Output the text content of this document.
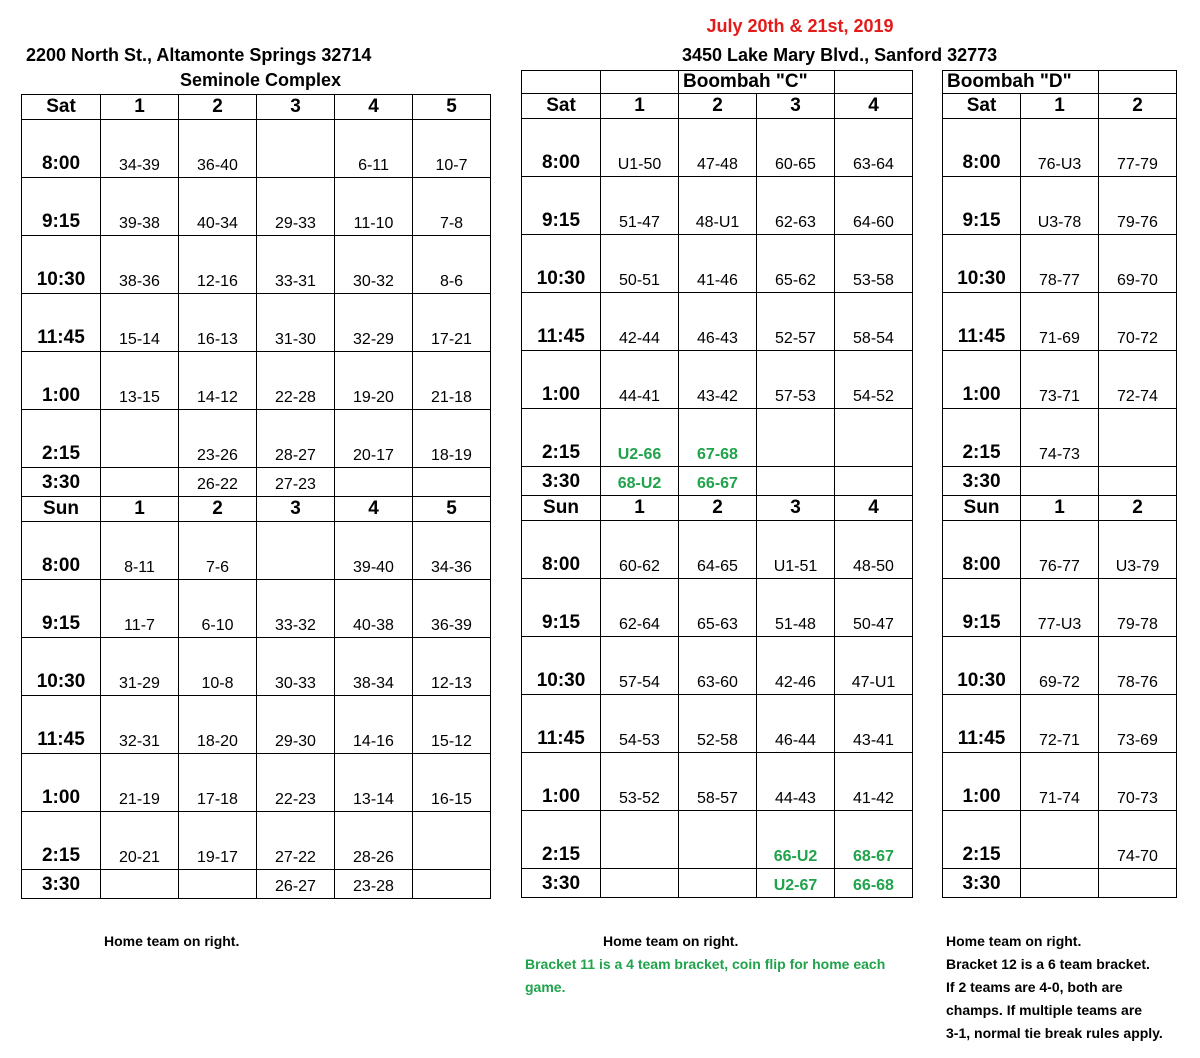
July 20th & 21st, 2019
2200 North St., Altamonte Springs 32714
Seminole Complex
3450 Lake Mary Blvd., Sanford 32773
Sat	1	2	3	4	5
8:00	34-39	36-40		6-11	10-7
9:15	39-38	40-34	29-33	11-10	7-8
10:30	38-36	12-16	33-31	30-32	8-6
11:45	15-14	16-13	31-30	32-29	17-21
1:00	13-15	14-12	22-28	19-20	21-18
2:15		23-26	28-27	20-17	18-19
3:30		26-22	27-23		
Sun	1	2	3	4	5
8:00	8-11	7-6		39-40	34-36
9:15	11-7	6-10	33-32	40-38	36-39
10:30	31-29	10-8	30-33	38-34	12-13
11:45	32-31	18-20	29-30	14-16	15-12
1:00	21-19	17-18	22-23	13-14	16-15
2:15	20-21	19-17	27-22	28-26	
3:30			26-27	23-28	
		Boombah "C"		
Sat	1	2	3	4
8:00	U1-50	47-48	60-65	63-64
9:15	51-47	48-U1	62-63	64-60
10:30	50-51	41-46	65-62	53-58
11:45	42-44	46-43	52-57	58-54
1:00	44-41	43-42	57-53	54-52
2:15	U2-66	67-68		
3:30	68-U2	66-67		
Sun	1	2	3	4
8:00	60-62	64-65	U1-51	48-50
9:15	62-64	65-63	51-48	50-47
10:30	57-54	63-60	42-46	47-U1
11:45	54-53	52-58	46-44	43-41
1:00	53-52	58-57	44-43	41-42
2:15			66-U2	68-67
3:30			U2-67	66-68
Boombah "D"		
Sat	1	2
8:00	76-U3	77-79
9:15	U3-78	79-76
10:30	78-77	69-70
11:45	71-69	70-72
1:00	73-71	72-74
2:15	74-73	
3:30		
Sun	1	2
8:00	76-77	U3-79
9:15	77-U3	79-78
10:30	69-72	78-76
11:45	72-71	73-69
1:00	71-74	70-73
2:15		74-70
3:30		
Home team on right.	Home team on right.
Bracket 11 is a 4 team bracket, coin flip for home each game.
Home team on right.
Bracket 12 is a 6 team bracket.
If 2 teams are 4-0, both are
champs. If multiple teams are
3-1, normal tie break rules apply.
